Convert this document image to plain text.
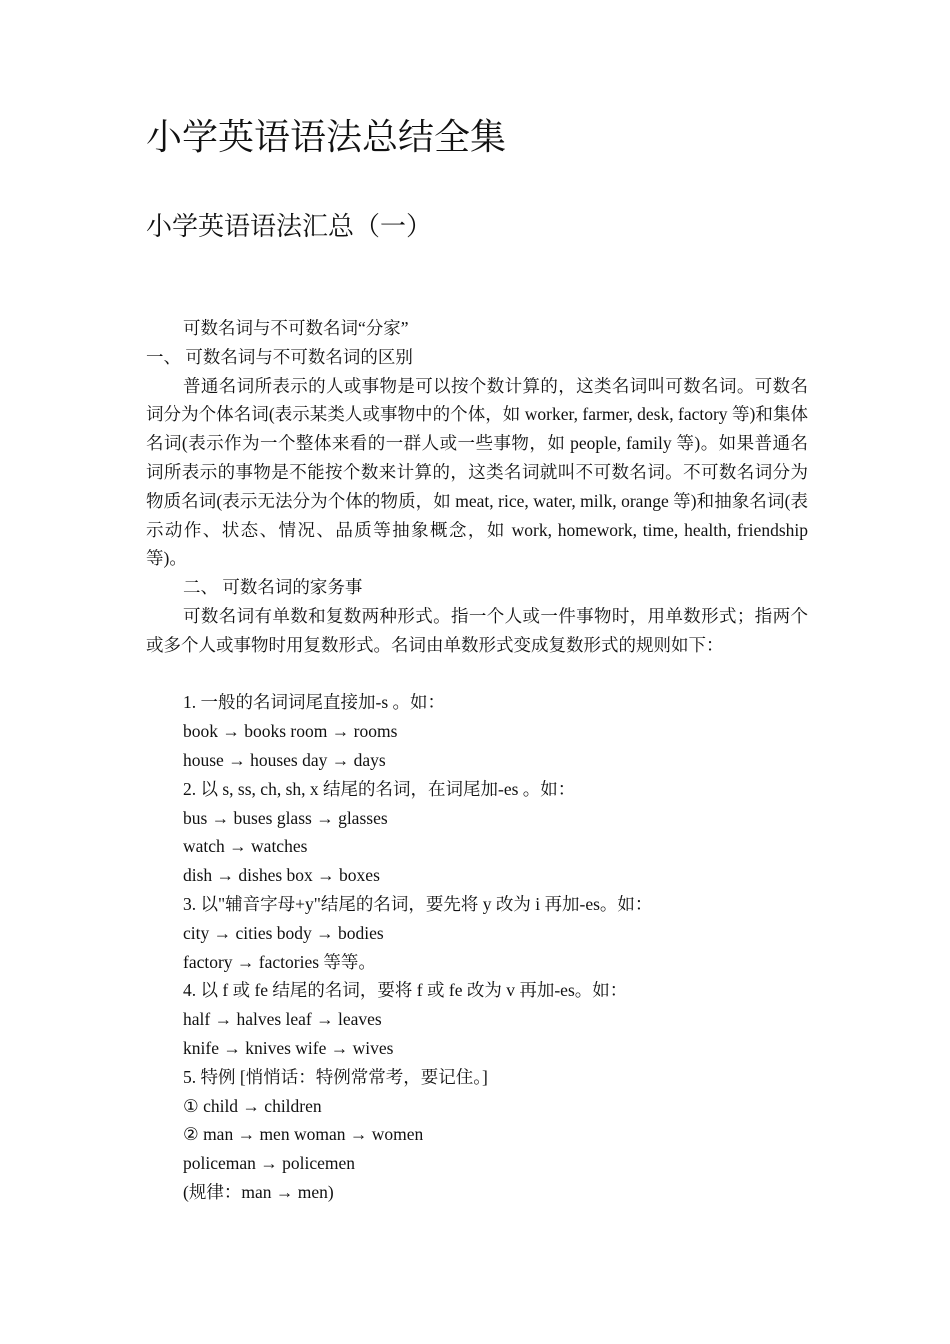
小学英语语法总结全集
小学英语语法汇总（一）
可数名词与不可数名词“分家”
一、 可数名词与不可数名词的区别
普通名词所表示的人或事物是可以按个数计算的，这类名词叫可数名词。可数名词分为个体名词(表示某类人或事物中的个体，如 worker, farmer, desk, factory 等)和集体名词(表示作为一个整体来看的一群人或一些事物，如 people, family 等)。如果普通名词所表示的事物是不能按个数来计算的，这类名词就叫不可数名词。不可数名词分为物质名词(表示无法分为个体的物质，如 meat, rice, water, milk, orange 等)和抽象名词(表示动作、状态、情况、品质等抽象概念，如 work, homework, time, health, friendship 等)。
二、 可数名词的家务事
可数名词有单数和复数两种形式。指一个人或一件事物时，用单数形式；指两个或多个人或事物时用复数形式。名词由单数形式变成复数形式的规则如下：
1. 一般的名词词尾直接加-s 。如：
book → books room → rooms
house → houses day → days
2. 以 s, ss, ch, sh, x 结尾的名词，在词尾加-es 。如：
bus → buses glass → glasses
watch → watches
dish → dishes box → boxes
3. 以"辅音字母+y"结尾的名词，要先将 y 改为 i 再加-es。如：
city → cities body → bodies
factory → factories 等等。
4. 以 f 或 fe 结尾的名词，要将 f 或 fe 改为 v 再加-es。如：
half → halves leaf → leaves
knife → knives wife → wives
5. 特例 [悄悄话：特例常常考，要记住。]
① child → children
② man → men woman → women
policeman → policemen
(规律：man → men)
